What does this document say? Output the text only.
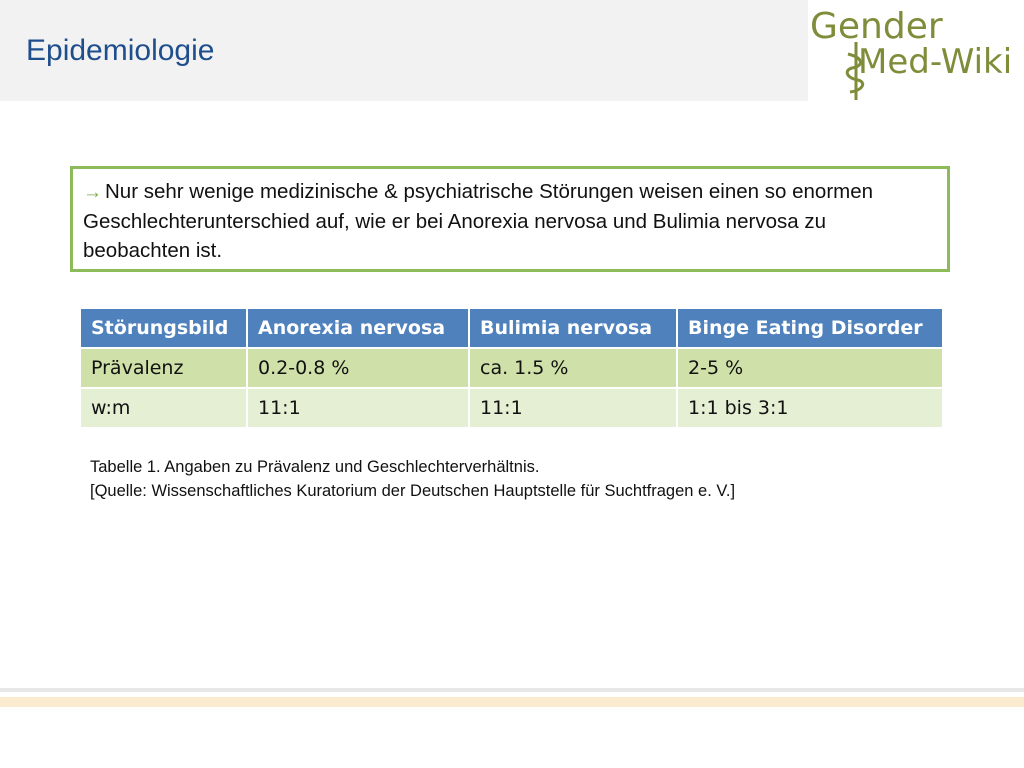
Epidemiologie
Gender
Med-Wiki
→ Nur sehr wenige medizinische & psychiatrische Störungen weisen einen so enormen Geschlechterunterschied auf, wie er bei Anorexia nervosa und Bulimia nervosa zu beobachten ist.
Störungsbild	Anorexia nervosa	Bulimia nervosa	Binge Eating Disorder
Prävalenz	0.2-0.8 %	ca. 1.5 %	2-5 %
w:m	11:1	11:1	1:1 bis 3:1
Tabelle 1. Angaben zu Prävalenz und Geschlechterverhältnis.
[Quelle: Wissenschaftliches Kuratorium der Deutschen Hauptstelle für Suchtfragen e. V.]
